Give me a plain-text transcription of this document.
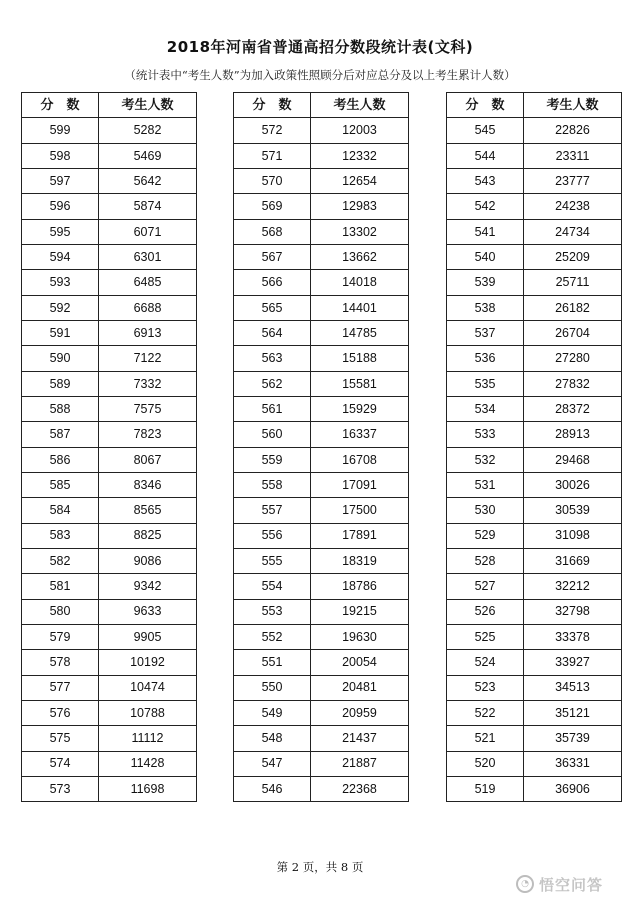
2018年河南省普通高招分数段统计表(文科)
（统计表中“考生人数”为加入政策性照顾分后对应总分及以上考生累计人数）
分　数	考生人数
599	5282
598	5469
597	5642
596	5874
595	6071
594	6301
593	6485
592	6688
591	6913
590	7122
589	7332
588	7575
587	7823
586	8067
585	8346
584	8565
583	8825
582	9086
581	9342
580	9633
579	9905
578	10192
577	10474
576	10788
575	11112
574	11428
573	11698
分　数	考生人数
572	12003
571	12332
570	12654
569	12983
568	13302
567	13662
566	14018
565	14401
564	14785
563	15188
562	15581
561	15929
560	16337
559	16708
558	17091
557	17500
556	17891
555	18319
554	18786
553	19215
552	19630
551	20054
550	20481
549	20959
548	21437
547	21887
546	22368
分　数	考生人数
545	22826
544	23311
543	23777
542	24238
541	24734
540	25209
539	25711
538	26182
537	26704
536	27280
535	27832
534	28372
533	28913
532	29468
531	30026
530	30539
529	31098
528	31669
527	32212
526	32798
525	33378
524	33927
523	34513
522	35121
521	35739
520	36331
519	36906
第 2 页，共 8 页
◔ 悟空问答
